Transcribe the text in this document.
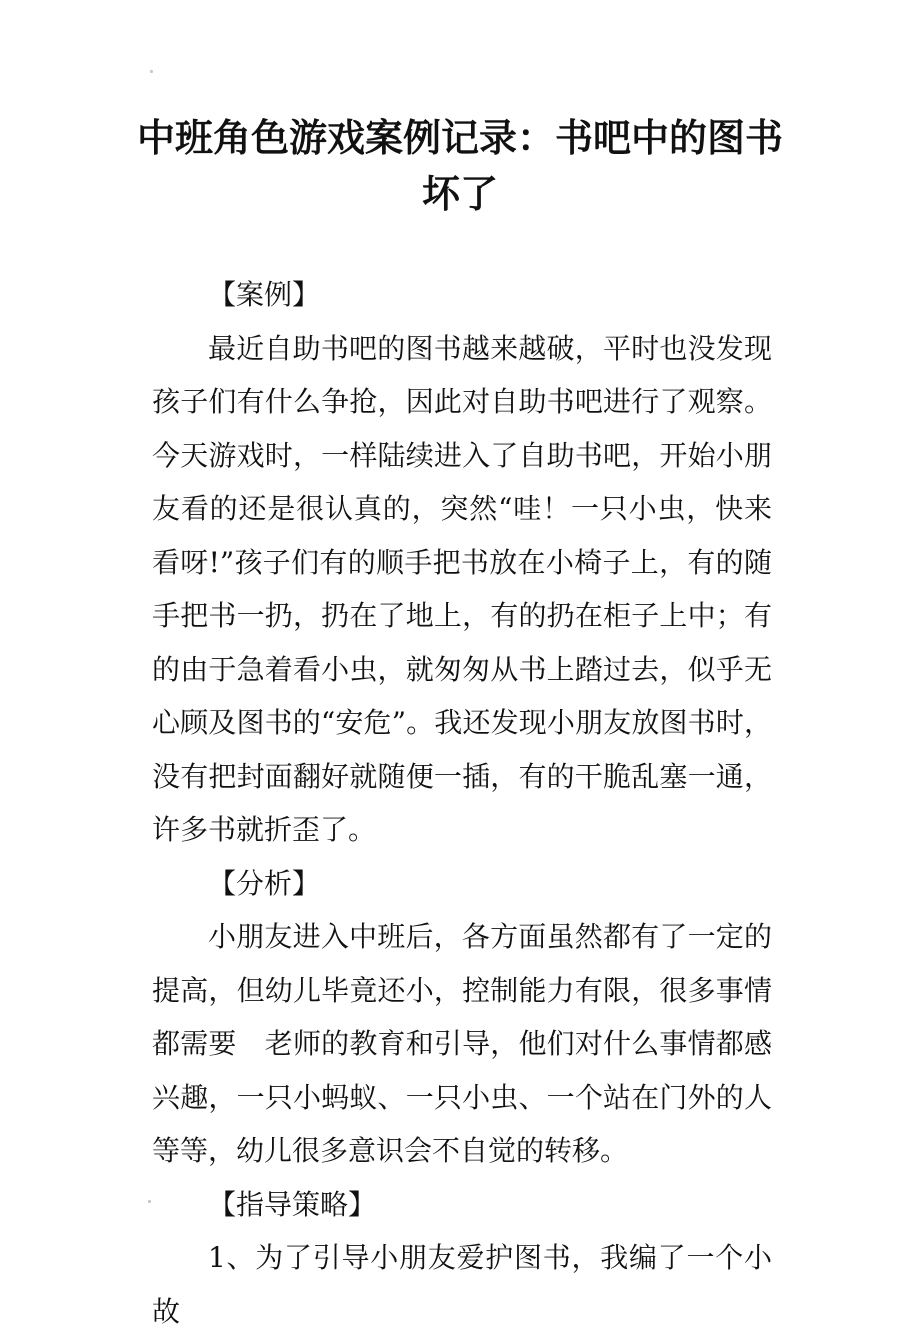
中班角色游戏案例记录：书吧中的图书坏了

【案例】

最近自助书吧的图书越来越破，平时也没发现孩子们有什么争抢，因此对自助书吧进行了观察。今天游戏时，一样陆续进入了自助书吧，开始小朋友看的还是很认真的，突然“哇！一只小虫，快来看呀!”孩子们有的顺手把书放在小椅子上，有的随手把书一扔，扔在了地上，有的扔在柜子上中；有的由于急着看小虫，就匆匆从书上踏过去，似乎无心顾及图书的“安危”。我还发现小朋友放图书时，没有把封面翻好就随便一插，有的干脆乱塞一通，许多书就折歪了。

【分析】

小朋友进入中班后，各方面虽然都有了一定的提高，但幼儿毕竟还小，控制能力有限，很多事情都需要　老师的教育和引导，他们对什么事情都感兴趣，一只小蚂蚁、一只小虫、一个站在门外的人等等，幼儿很多意识会不自觉的转移。

【指导策略】

1、为了引导小朋友爱护图书，我编了一个小故
